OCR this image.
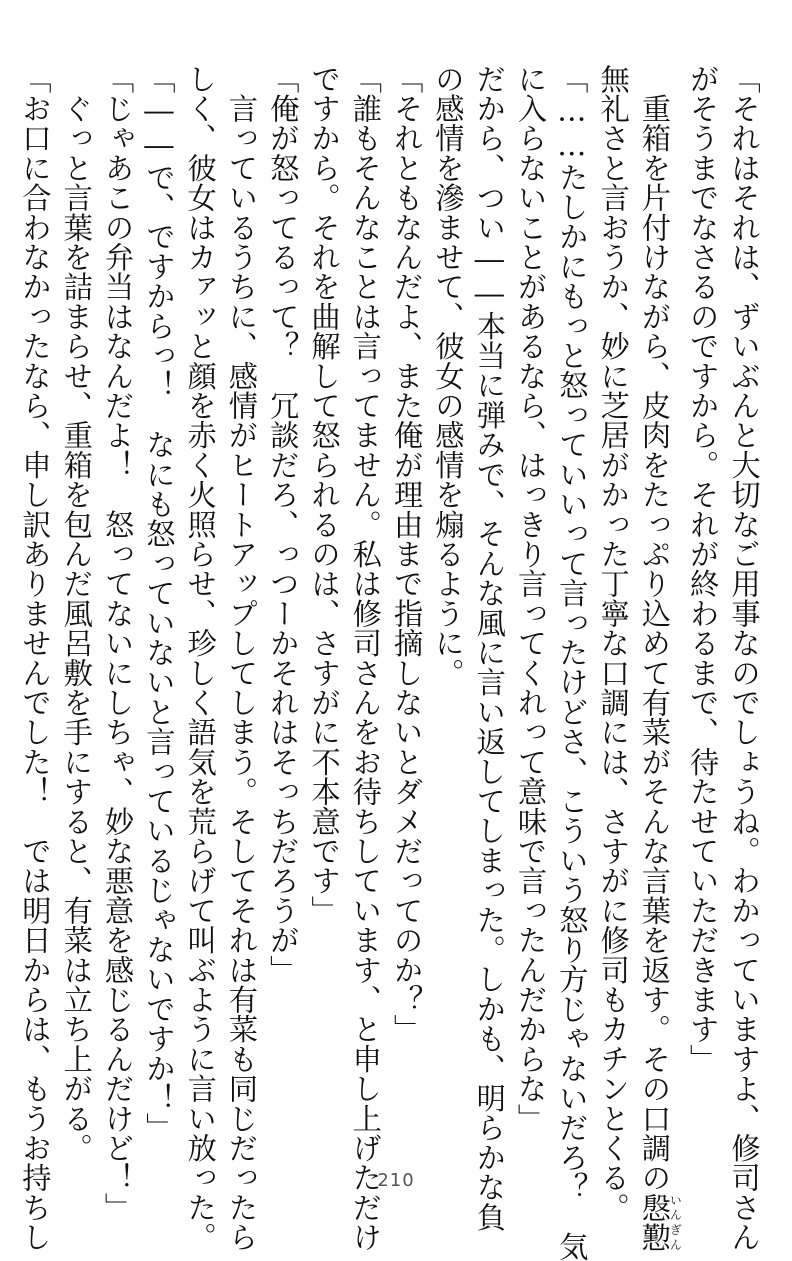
「それはそれは、ずいぶんと大切なご用事なのでしょうね。わかっていますよ、修司さん
がそうまでなさるのですから。それが終わるまで、待たせていただきます」
　重箱を片付けながら、皮肉をたっぷり込めて有菜がそんな言葉を返す。その口調の慇懃いんぎん
無礼さと言おうか、妙に芝居がかった丁寧な口調には、さすがに修司もカチンとくる。
「……たしかにもっと怒っていいって言ったけどさ、こういう怒り方じゃないだろ？　気
に入らないことがあるなら、はっきり言ってくれって意味で言ったんだからな」
だから、つい――本当に弾みで、そんな風に言い返してしまった。しかも、明らかな負
の感情を滲ませて、彼女の感情を煽るように。
「それともなんだよ、また俺が理由まで指摘しないとダメだってのか？」
「誰もそんなことは言ってません。私は修司さんをお待ちしています、と申し上げただけ
ですから。それを曲解して怒られるのは、さすがに不本意です」
「俺が怒ってるって？　冗談だろ、っつーかそれはそっちだろうが」
　言っているうちに、感情がヒートアップしてしまう。そしてそれは有菜も同じだったら
しく、彼女はカァッと顔を赤く火照らせ、珍しく語気を荒らげて叫ぶように言い放った。
「――で、ですからっ！　なにも怒っていないと言っているじゃないですか！」
「じゃあこの弁当はなんだよ！　怒ってないにしちゃ、妙な悪意を感じるんだけど！」
　ぐっと言葉を詰まらせ、重箱を包んだ風呂敷を手にすると、有菜は立ち上がる。
「お口に合わなかったなら、申し訳ありませんでした！　では明日からは、もうお持ちし	210
